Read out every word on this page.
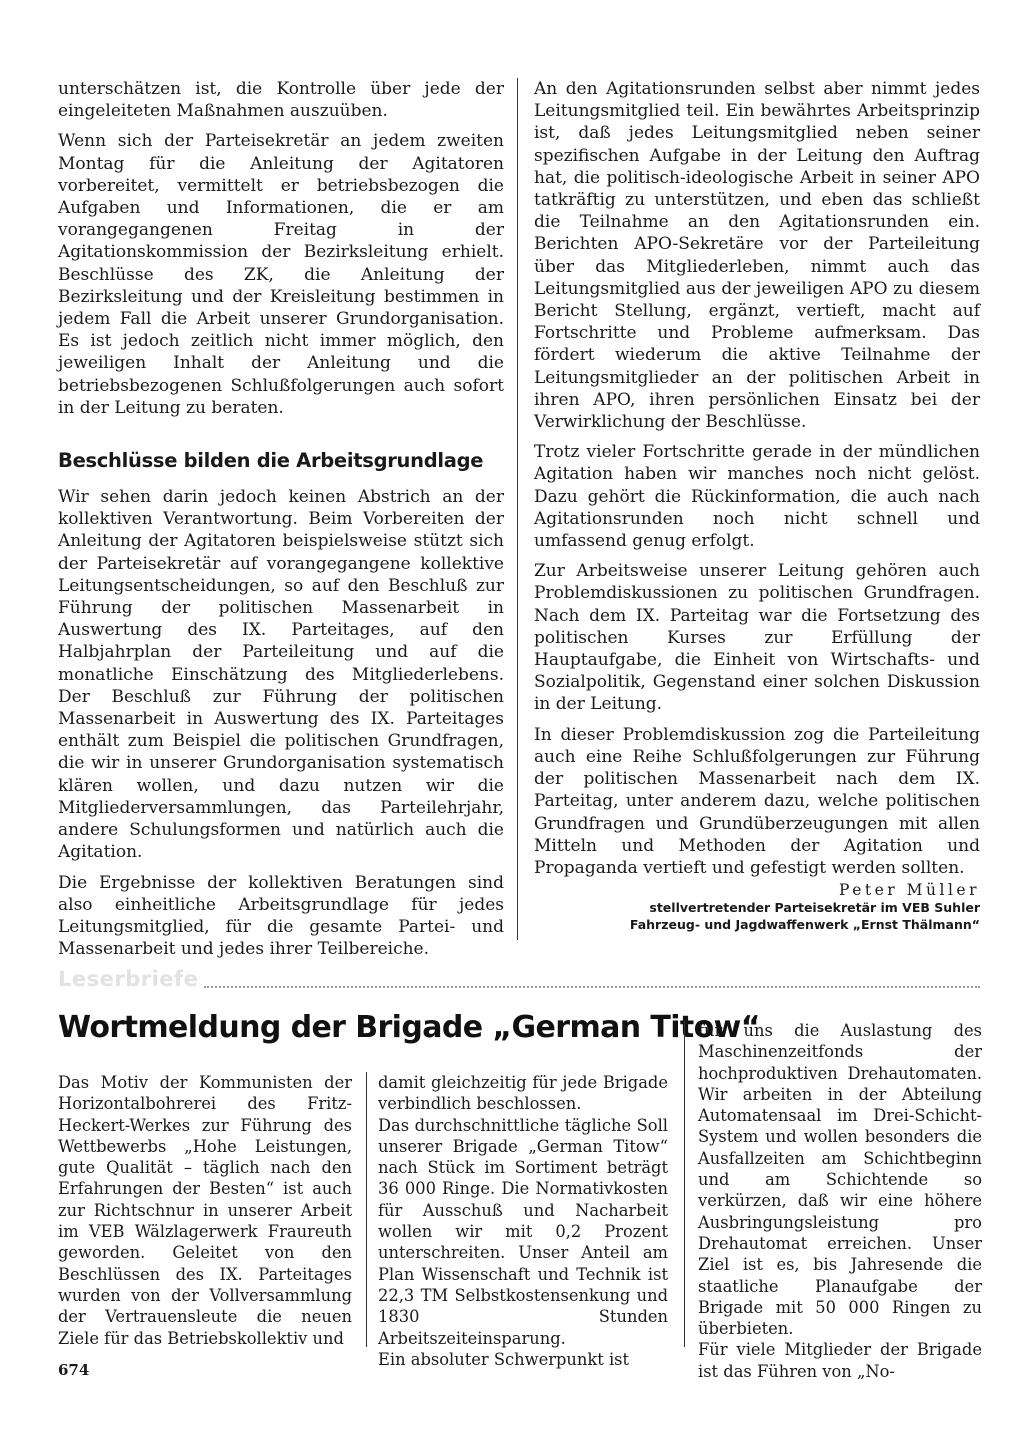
unterschätzen ist, die Kontrolle über jede der eingeleiteten Maßnahmen auszuüben.

Wenn sich der Parteisekretär an jedem zweiten Montag für die Anleitung der Agitatoren vorbereitet, vermittelt er betriebsbezogen die Aufgaben und Informationen, die er am vorangegangenen Freitag in der Agitationskommission der Bezirksleitung erhielt. Beschlüsse des ZK, die Anleitung der Bezirksleitung und der Kreisleitung bestimmen in jedem Fall die Arbeit unserer Grundorganisation. Es ist jedoch zeitlich nicht immer möglich, den jeweiligen Inhalt der Anleitung und die betriebsbezogenen Schlußfolgerungen auch sofort in der Leitung zu beraten.

Beschlüsse bilden die Arbeitsgrundlage

Wir sehen darin jedoch keinen Abstrich an der kollektiven Verantwortung. Beim Vorbereiten der Anleitung der Agitatoren beispielsweise stützt sich der Parteisekretär auf vorangegangene kollektive Leitungsentscheidungen, so auf den Beschluß zur Führung der politischen Massenarbeit in Auswertung des IX. Parteitages, auf den Halbjahrplan der Parteileitung und auf die monatliche Einschätzung des Mitgliederlebens. Der Beschluß zur Führung der politischen Massenarbeit in Auswertung des IX. Parteitages enthält zum Beispiel die politischen Grundfragen, die wir in unserer Grundorganisation systematisch klären wollen, und dazu nutzen wir die Mitgliederversammlungen, das Parteilehrjahr, andere Schulungsformen und natürlich auch die Agitation.

Die Ergebnisse der kollektiven Beratungen sind also einheitliche Arbeitsgrundlage für jedes Leitungsmitglied, für die gesamte Partei- und Massenarbeit und jedes ihrer Teilbereiche.

An den Agitationsrunden selbst aber nimmt jedes Leitungsmitglied teil. Ein bewährtes Arbeitsprinzip ist, daß jedes Leitungsmitglied neben seiner spezifischen Aufgabe in der Leitung den Auftrag hat, die politisch-ideologische Arbeit in seiner APO tatkräftig zu unterstützen, und eben das schließt die Teilnahme an den Agitationsrunden ein. Berichten APO-Sekretäre vor der Parteileitung über das Mitgliederleben, nimmt auch das Leitungsmitglied aus der jeweiligen APO zu diesem Bericht Stellung, ergänzt, vertieft, macht auf Fortschritte und Probleme aufmerksam. Das fördert wiederum die aktive Teilnahme der Leitungsmitglieder an der politischen Arbeit in ihren APO, ihren persönlichen Einsatz bei der Verwirklichung der Beschlüsse.

Trotz vieler Fortschritte gerade in der mündlichen Agitation haben wir manches noch nicht gelöst. Dazu gehört die Rückinformation, die auch nach Agitationsrunden noch nicht schnell und umfassend genug erfolgt.

Zur Arbeitsweise unserer Leitung gehören auch Problemdiskussionen zu politischen Grundfragen. Nach dem IX. Parteitag war die Fortsetzung des politischen Kurses zur Erfüllung der Hauptaufgabe, die Einheit von Wirtschafts- und Sozialpolitik, Gegenstand einer solchen Diskussion in der Leitung.

In dieser Problemdiskussion zog die Parteileitung auch eine Reihe Schlußfolgerungen zur Führung der politischen Massenarbeit nach dem IX. Parteitag, unter anderem dazu, welche politischen Grundfragen und Grundüberzeugungen mit allen Mitteln und Methoden der Agitation und Propaganda vertieft und gefestigt werden sollten.

Peter Müller

stellvertretender Parteisekretär im VEB Suhler

Fahrzeug- und Jagdwaffenwerk „Ernst Thälmann“

Leserbriefe
Wortmeldung der Brigade „German Titow“

Das Motiv der Kommunisten der Horizontalbohrerei des Fritz-Heckert-Werkes zur Führung des Wettbewerbs „Hohe Leistungen, gute Qualität – täglich nach den Erfahrungen der Besten“ ist auch zur Richtschnur in unserer Arbeit im VEB Wälzlagerwerk Fraureuth geworden. Geleitet von den Beschlüssen des IX. Parteitages wurden von der Vollversammlung der Vertrauensleute die neuen Ziele für das Betriebskollektiv und

damit gleichzeitig für jede Brigade verbindlich beschlossen.

Das durchschnittliche tägliche Soll unserer Brigade „German Titow“ nach Stück im Sortiment beträgt 36 000 Ringe. Die Normativkosten für Ausschuß und Nacharbeit wollen wir mit 0,2 Prozent unterschreiten. Unser Anteil am Plan Wissenschaft und Technik ist 22,3 TM Selbstkostensenkung und 1830 Stunden Arbeitszeiteinsparung.

Ein absoluter Schwerpunkt ist

für uns die Auslastung des Maschinenzeitfonds der hochproduktiven Drehautomaten. Wir arbeiten in der Abteilung Automatensaal im Drei-Schicht-System und wollen besonders die Ausfallzeiten am Schichtbeginn und am Schichtende so verkürzen, daß wir eine höhere Ausbringungsleistung pro Drehautomat erreichen. Unser Ziel ist es, bis Jahresende die staatliche Planaufgabe der Brigade mit 50 000 Ringen zu überbieten.

Für viele Mitglieder der Brigade ist das Führen von „No-

674
